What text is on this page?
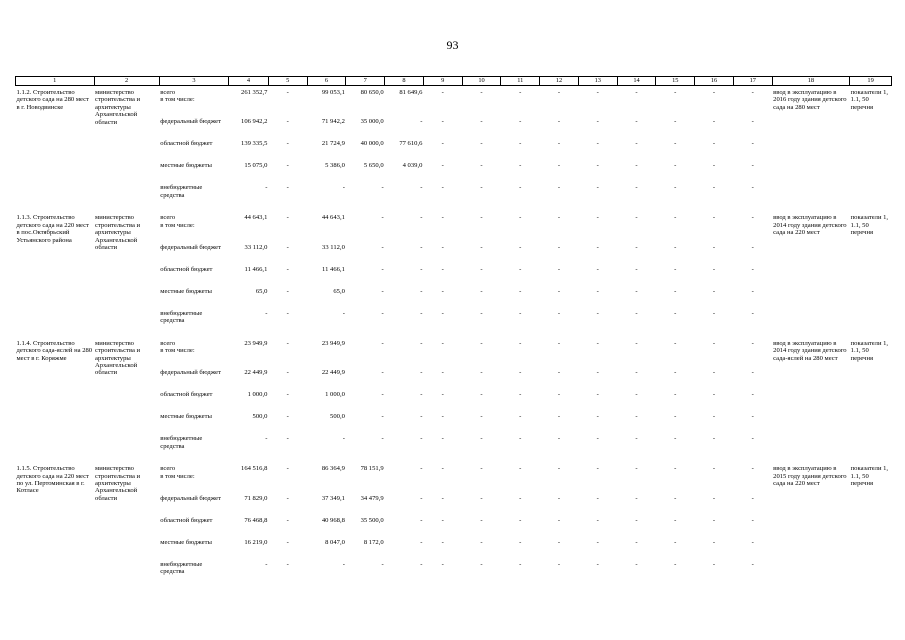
93
1	2	3	4	5	6	7	8	9	10	11	12	13	14	15	16	17	18	19
1.1.2. Строительство детского сада на 280 мест в г. Новодвинске	министерство строительства и архитектуры Архангельской области	всего	261 352,7	-	99 053,1	80 650,0	81 649,6	-	-	-	-	-	-	-	-	-	ввод в эксплуатацию в 2016 году здания детского сада на 280 мест	показатели 1, 1.1, 50 перечня
		в том числе:																
		федеральный бюджет	106 942,2	-	71 942,2	35 000,0	-	-	-	-	-	-	-	-	-	-		
		областной бюджет	139 335,5	-	21 724,9	40 000,0	77 610,6	-	-	-	-	-	-	-	-	-		
		местные бюджеты	15 075,0	-	5 386,0	5 650,0	4 039,0	-	-	-	-	-	-	-	-	-		
		внебюджетные средства	-	-	-	-	-	-	-	-	-	-	-	-	-	-		
1.1.3. Строительство детского сада на 220 мест в пос.Октябрьский Устьянского района	министерство строительства и архитектуры Архангельской области	всего	44 643,1	-	44 643,1	-	-	-	-	-	-	-	-	-	-	-	ввод в эксплуатацию в 2014 году здания детского сада на 220 мест	показатели 1, 1.1, 50 перечня
		в том числе:																
		федеральный бюджет	33 112,0	-	33 112,0	-	-	-	-	-	-	-	-	-	-	-		
		областной бюджет	11 466,1	-	11 466,1	-	-	-	-	-	-	-	-	-	-	-		
		местные бюджеты	65,0	-	65,0	-	-	-	-	-	-	-	-	-	-	-		
		внебюджетные средства	-	-	-	-	-	-	-	-	-	-	-	-	-	-		
1.1.4. Строительство детского сада-яслей на 280 мест в г. Коряжме	министерство строительства и архитектуры Архангельской области	всего	23 949,9	-	23 949,9	-	-	-	-	-	-	-	-	-	-	-	ввод в эксплуатацию в 2014 году здания детского сада-яслей на 280 мест	показатели 1, 1.1, 50 перечня
		в том числе:																
		федеральный бюджет	22 449,9	-	22 449,9	-	-	-	-	-	-	-	-	-	-	-		
		областной бюджет	1 000,0	-	1 000,0	-	-	-	-	-	-	-	-	-	-	-		
		местные бюджеты	500,0	-	500,0	-	-	-	-	-	-	-	-	-	-	-		
		внебюджетные средства	-	-	-	-	-	-	-	-	-	-	-	-	-	-		
1.1.5. Строительство детского сада на 220 мест по ул. Пертоминская в г. Котласе	министерство строительства и архитектуры Архангельской области	всего	164 516,8	-	86 364,9	78 151,9	-	-	-	-	-	-	-	-	-	-	ввод в эксплуатацию в 2015 году здания детского сада на 220 мест	показатели 1, 1.1, 50 перечня
		в том числе:																
		федеральный бюджет	71 829,0	-	37 349,1	34 479,9	-	-	-	-	-	-	-	-	-	-		
		областной бюджет	76 468,8	-	40 968,8	35 500,0	-	-	-	-	-	-	-	-	-	-		
		местные бюджеты	16 219,0	-	8 047,0	8 172,0	-	-	-	-	-	-	-	-	-	-		
		внебюджетные средства	-	-	-	-	-	-	-	-	-	-	-	-	-	-		
